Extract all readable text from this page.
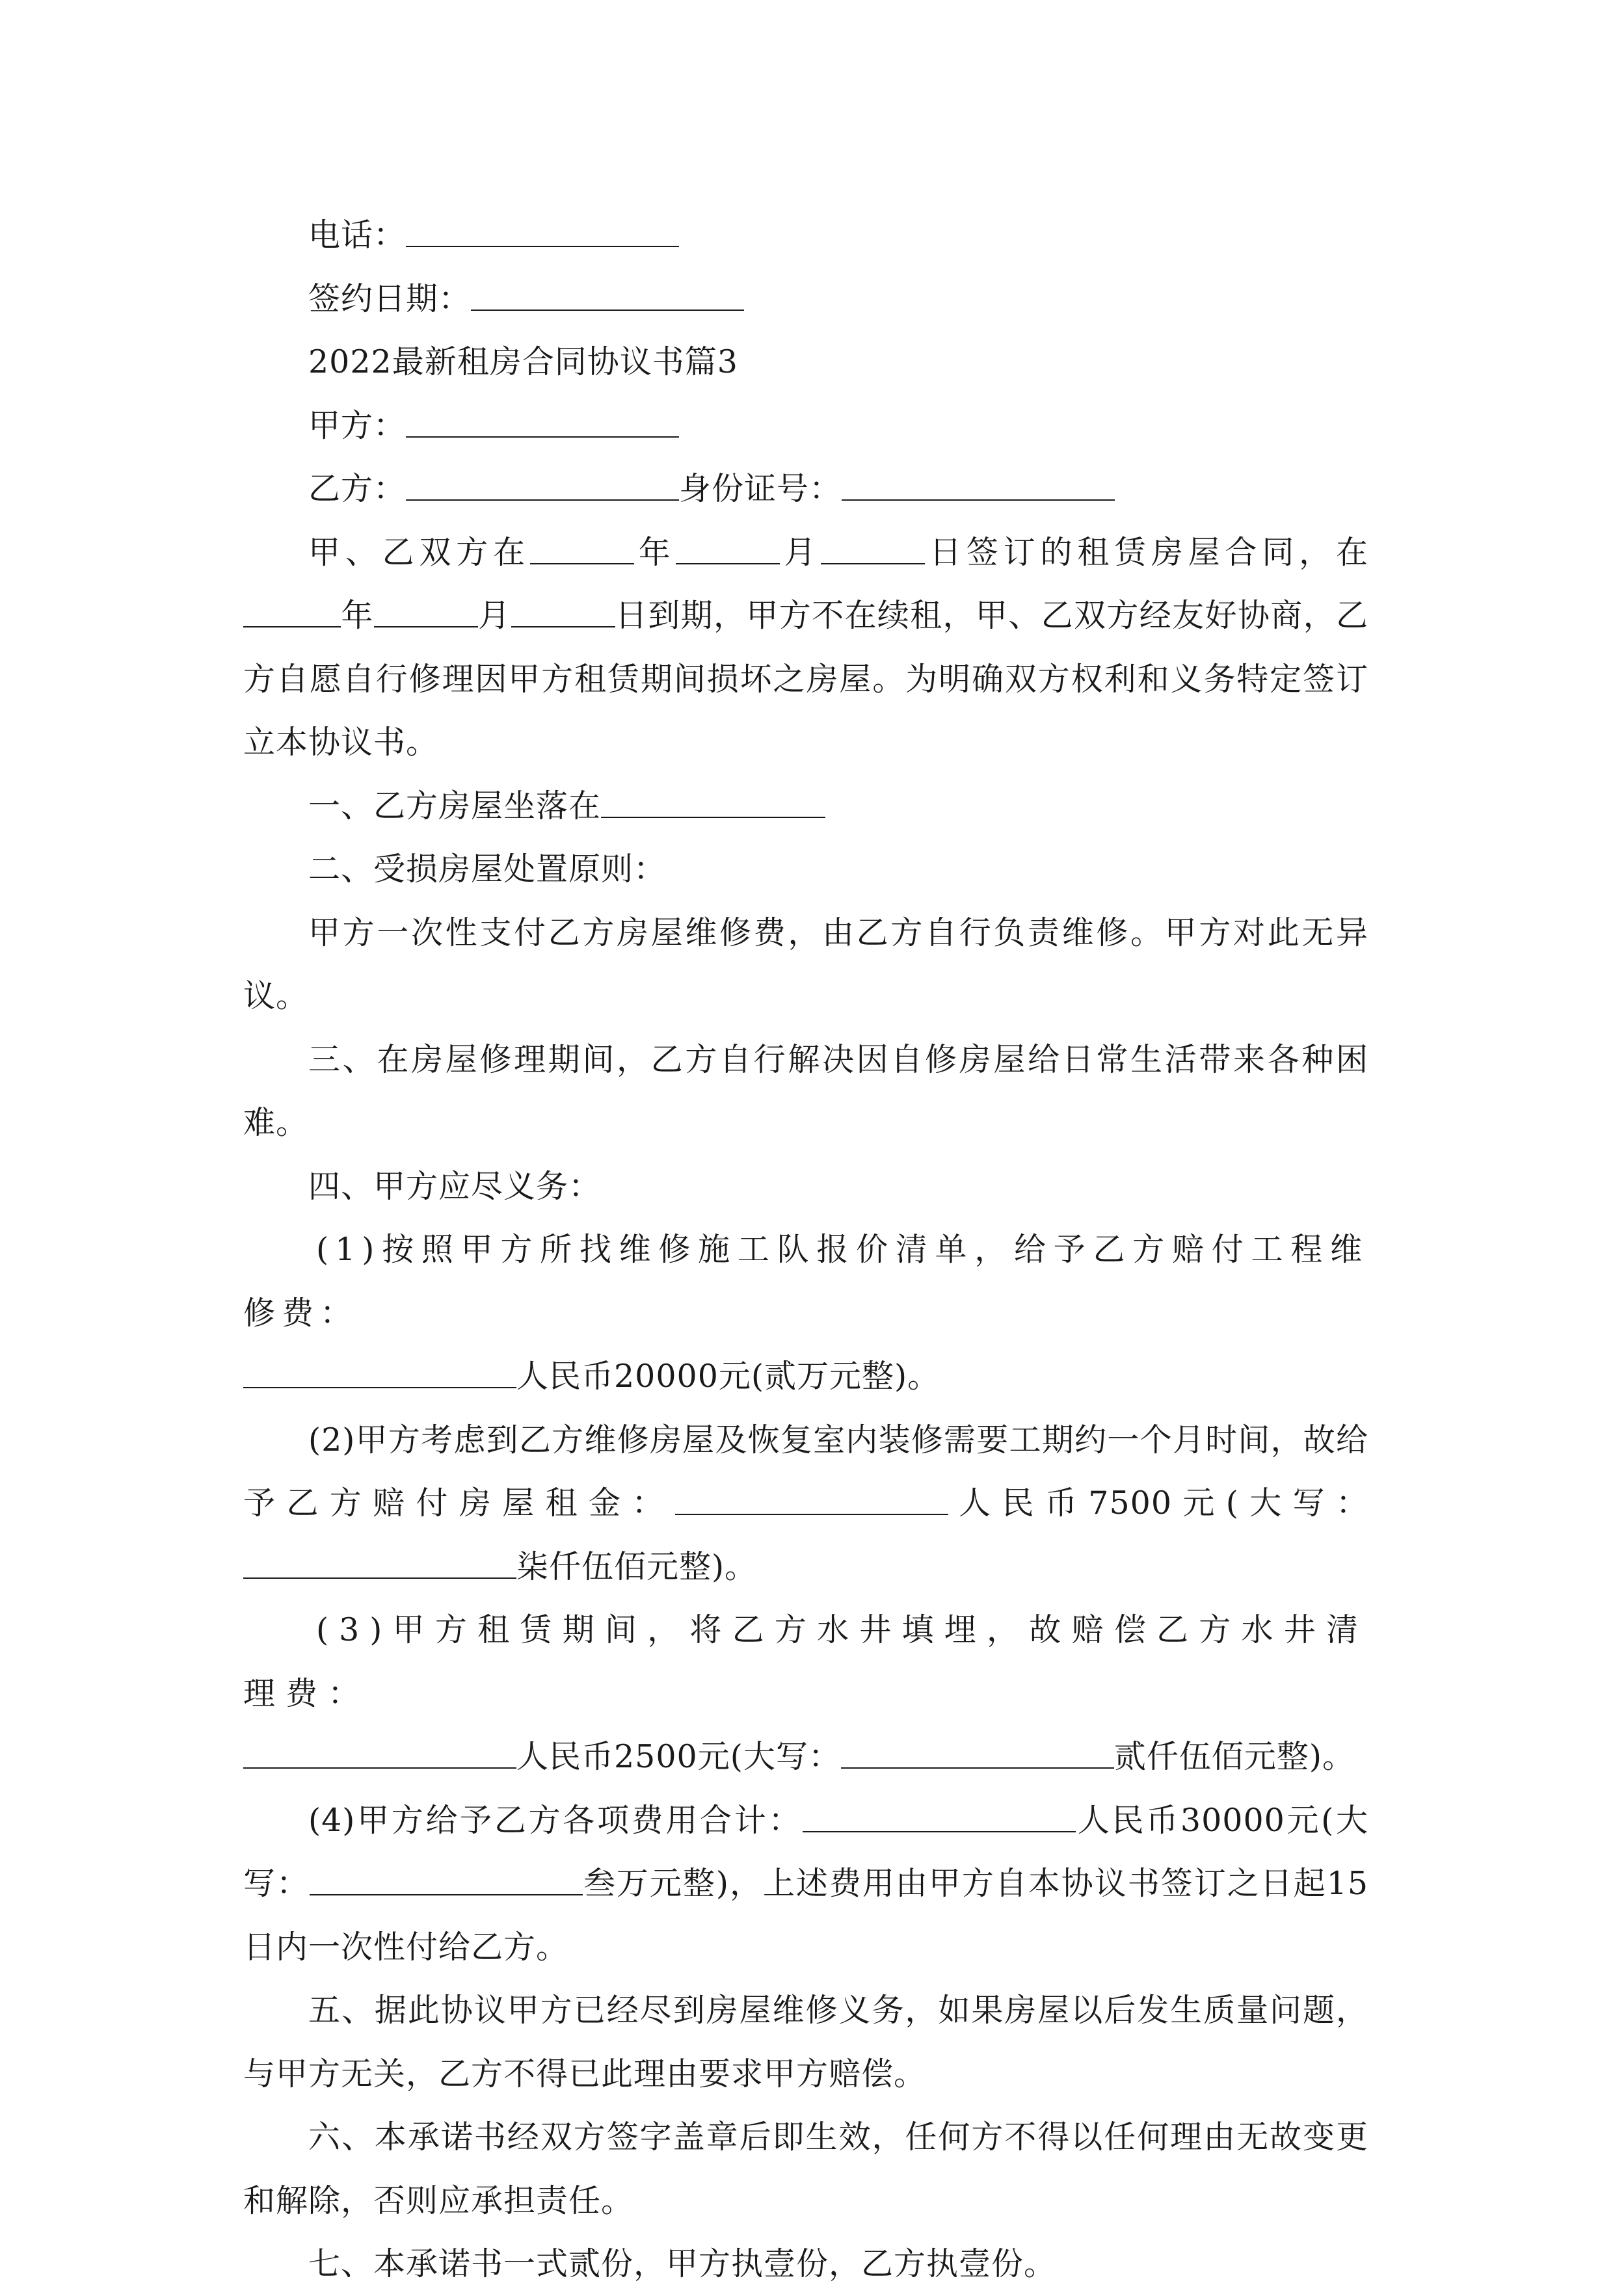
电话：

签约日期：

2022最新租房合同协议书篇3

甲方：

乙方：	身份证号：

甲、乙双方在	年	月	日签订的租赁房屋合同，在年	月	日到期，甲方不在续租，甲、乙双方经友好协商，乙方自愿自行修理因甲方租赁期间损坏之房屋。为明确双方权利和义务特定签订立本协议书。

一、乙方房屋坐落在

二、受损房屋处置原则：

甲方一次性支付乙方房屋维修费，由乙方自行负责维修。甲方对此无异议。

三、在房屋修理期间，乙方自行解决因自修房屋给日常生活带来各种困难。

四、甲方应尽义务：

(1)按照甲方所找维修施工队报价清单，给予乙方赔付工程维修费：
人民币20000元(贰万元整)。

(2)甲方考虑到乙方维修房屋及恢复室内装修需要工期约一个月时间，故给予乙方赔付房屋租金：	人民币7500元(大写：柒仟伍佰元整)。

(3)甲方租赁期间，将乙方水井填埋，故赔偿乙方水井清理费：
人民币2500元(大写：	贰仟伍佰元整)。

(4)甲方给予乙方各项费用合计：	人民币30000元(大写：	叁万元整)，上述费用由甲方自本协议书签订之日起15日内一次性付给乙方。

五、据此协议甲方已经尽到房屋维修义务，如果房屋以后发生质量问题，与甲方无关，乙方不得已此理由要求甲方赔偿。

六、本承诺书经双方签字盖章后即生效，任何方不得以任何理由无故变更和解除，否则应承担责任。

七、本承诺书一式贰份，甲方执壹份，乙方执壹份。
